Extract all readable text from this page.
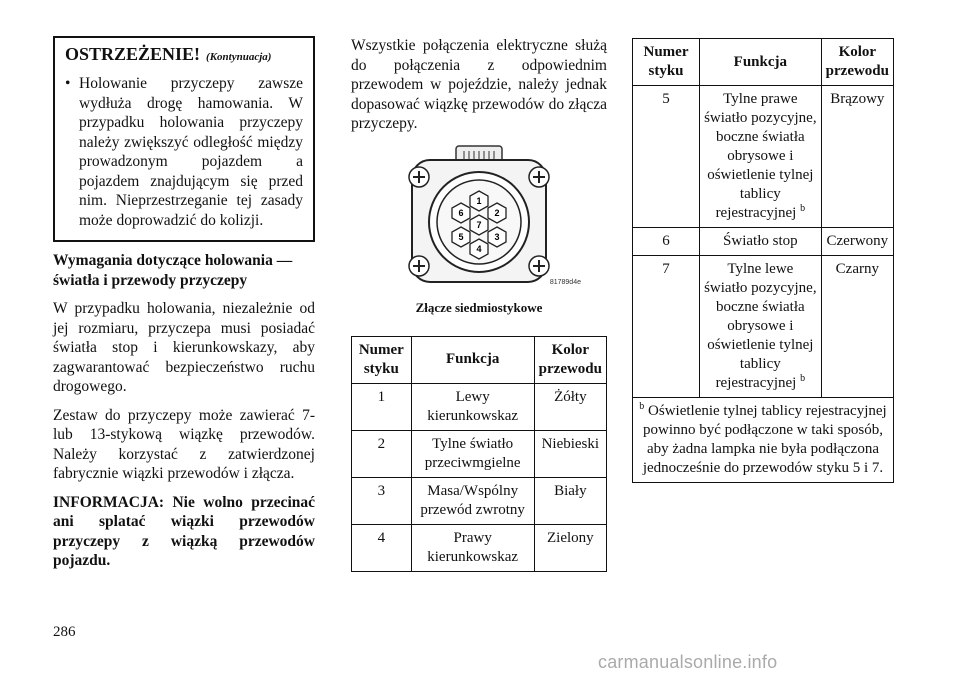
OSTRZEŻENIE! (Kontynuacja)
• Holowanie przyczepy zawsze wydłuża drogę hamowania. W przypadku holowania przyczepy należy zwiększyć odległość między prowadzonym pojazdem a pojazdem znajdującym się przed nim. Nieprzestrzeganie tej zasady może doprowadzić do kolizji.

Wymagania dotyczące holowania — światła i przewody przyczepy

W przypadku holowania, niezależnie od jej rozmiaru, przyczepa musi posiadać światła stop i kierunkowskazy, aby zagwarantować bezpieczeństwo ruchu drogowego.

Zestaw do przyczepy może zawierać 7- lub 13-stykową wiązkę przewodów. Należy korzystać z zatwierdzonej fabrycznie wiązki przewodów i złącza.

INFORMACJA: Nie wolno przecinać ani splatać wiązki przewodów przyczepy z wiązką przewodów pojazdu.

Wszystkie połączenia elektryczne służą do połączenia z odpowiednim przewodem w pojeździe, należy jednak dopasować wiązkę przewodów do złącza przyczepy.

1
2
6
7
3
5
4
81789d4e
Złącze siedmiostykowe
Numer styku	Funkcja	Kolor przewodu
1	Lewy kierunkowskaz	Żółty
2	Tylne światło przeciwmgielne	Niebieski
3	Masa/Wspólny przewód zwrotny	Biały
4	Prawy kierunkowskaz	Zielony
Numer styku	Funkcja	Kolor przewodu
5	Tylne prawe światło pozycyjne, boczne światła obrysowe i oświetlenie tylnej tablicy rejestracyjnej $^b$	Brązowy
6	Światło stop	Czerwony
7	Tylne lewe światło pozycyjne, boczne światła obrysowe i oświetlenie tylnej tablicy rejestracyjnej $^b$	Czarny
$^b$ Oświetlenie tylnej tablicy rejestracyjnej powinno być podłączone w taki sposób, aby żadna lampka nie była podłączona jednocześnie do przewodów styku 5 i 7.		
286
carmanualsonline.info
